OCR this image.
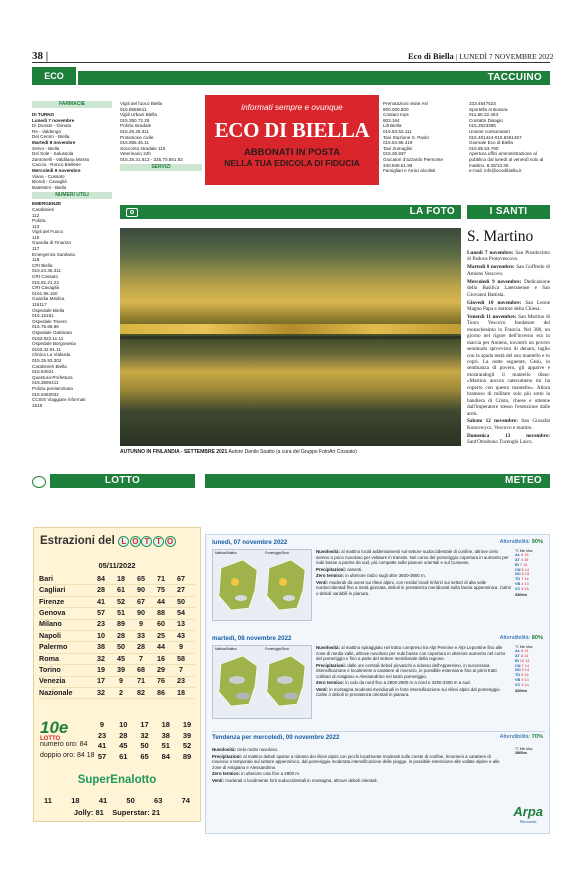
38 |	Eco di Biella | LUNEDÌ 7 NOVEMBRE 2022
ECO	TACCUINO
FARMACIE

DI TURNO

Lunedì 7 novembre

Di Donato - Donato

Re - Valdengo

Del Centro - Biella

Martedì 8 novembre

Servo - Biella

Del Sole - Salussola

Zantonelli - Valdilana Mosso

Caccia - Ronco Biellese

Mercoledì 9 novembre

Viana - Cossato

Biondi - Cavaglià

Balestrini - Biella

NUMERI UTILI

EMERGENZE

Carabinieri

112

Polizia

113

Vigili del Fuoco

115

Guardia di Finanza

117

Emergenza Sanitaria

118

CRI Biella

015.24.35.311

CRI Cossato

015.92.21.23

CRI Cavaglià

0161.96.160

Guardia Medica

116117

Ospedale Biella

015.15151

Ospedale Trivero

015.75.65.66

Ospedale Gattinara

0163.822.11.11

Ospedale Borgosesia

0163.42.61.11

Clinica La Vialarda

015.35.93.302

Carabinieri Biella

015.84021

Questura-Prefettura

015.3590411

Polizia penitenziaria

015.8492832

CCISS Viaggiare informati

1518

Vigili del fuoco Biella

015.8555611

Vigili Urbani Biella

015.350.72.28

Polizia stradale

015.25.28.311

Protezione civile

015.855.45.11

Soccorso stradale 116

Veterinario 24h

015.25.31.613 - 335.70.851.82

SERVIZI
informati sempre e ovunque
ECO DI BIELLA
ABBONATI IN POSTA
NELLA TUA EDICOLA DI FIDUCIA

Prenotazioni visite Asl

800.000.500

Contact Inps

803.164

Lilt Biella

015.83.52.111

Taxi Stazione S. Paolo

015.84.95.419

Taxi Zumaglini

015.26.937

Giocatori d'azzardo Piemonte

340.849.51.96

Famigliari e Amici alcolisti

333.4547523

Sportello Antiusura

011.66.22.453

Contatto Disagio

015.2523395

Unione consumatori

015.401444-015.8461457

Giornale Eco di Biella

015.85.53.790

Apertura uffici amministrazione al pubblico dal lunedì al venerdì solo al mattino. 8.30/13.30.

e-mail: info@ecodibiella.it

LA FOTO
AUTUNNO IN FINLANDIA - SETTEMBRE 2021 Autore Danilo Soatto (a cura del Gruppo FotoArt Cossato)
I SANTI
S. Martino

Lunedì 7 novembre: San Prosdocimo di Padova Protovescovo.

Martedì 8 novembre: San Goffredo di Amiens Vescovo.

Mercoledì 9 novembre: Dedicazione della Basilica Lateranense e San Giovanni Battista.

Giovedì 10 novembre: San Leone Magno Papa e dottore della Chiesa.

Venerdì 11 novembre: San Martino di Tours Vescovo fondatore del monachesimo in Francia. Nel 300, un giorno nel rigore dell'inverno era in marcia per Amiens, incontrò un povero seminudo sprovvisto di denaro, taglio con la spada metà del suo mantello e lo coprì. La notte seguente, Gesù, in sembianza di povero, gli apparve e mostrandogli il mantello disse: «Martino ancora catecumeno mi ha coperto con questo mantello». Allora bramoso di militare solo più sotto la bandiera di Cristo, chiese e ottenne dall'imperatore stesso l'esenzione dalle armi.

Sabato 12 novembre: San Giosafat Kuncewycz, Vescovo e martire.

Domenica 13 novembre: Sant'Omobono Tucenghi Laico.

LOTTO
Estrazioni del L O T T O
05/11/2022
Bari	84	18	65	71	67
Cagliari	28	61	90	75	27
Firenze	41	52	67	44	50
Genova	57	51	90	88	54
Milano	23	89	9	60	13
Napoli	10	28	33	25	43
Palermo	38	50	28	44	9
Roma	32	45	7	16	58
Torino	19	39	68	29	7
Venezia	17	9	71	76	23
Nazionale	32	2	82	86	18
10e
LOTTO
9	10	17	18	19
23	28	32	38	39
41	45	50	51	52
57	61	65	84	89
numero oro: 84
doppio oro: 84 18
SuperEnalotto
11	18	41	50	63	74
Jolly: 81 Superstar: 21
METEO
lunedì, 07 novembre 2022	Attendibilità: 90%
Mattina/Mattino	Pomeriggio/Sera	Nuvolosità: al mattino locali addensamenti sul settore sudoccidentale di confine, altrove cielo sereno o poco nuvoloso per velature in transito. Nel corso del pomeriggio copertura in aumento per nubi basse a partire da sud, più compatte sulle pianure orientali e sul Cuneese.

Precipitazioni: assenti.

Zero termico: in ulteriore rialzo sugli oltre 3600-3900 m.

Venti: moderati da ovest sui rilievi alpini, con residui locali rinforzi sui settori di alta valle nordoccidentali fino a metà giornata, deboli in prevalenza meridionali sulla fascia appenninica. Calmi o deboli variabili in pianura.

°C Min Max
AL 6 15
AT 4 15
BI 7 14
CN 5 14
NO 5 15
TO 7 14
VB 4 13
VC 5 15
3300m
martedì, 08 novembre 2022	Attendibilità: 80%
Mattina/Mattino	Pomeriggio/Sera	Nuvolosità: al mattino spiraggiato nel tratto compreso tra Alpi Pennine e Alpi Lepontine fino alle zone di media valle, altrove nuvoloso per nubi basse con copertura in ulteriore aumento nel corso del pomeriggio e fino a parte del settore meridionale della regione.

Precipitazioni: dalle ore centrali deboli piovaschi a ridosso dell'Appennino, in successiva intensificazione e localmente a carattere di rovescio, in possibile estensione fino ai primi tratti collinari di Astigiano e Alessandrino nel tardo pomeriggio.

Zero termico: in calo da nord fino a 2800-2900 m a nord e 3200-3300 m a sud.

Venti: in montagna moderati meridionali in forte intensificazione sui rilievi alpini dal pomeriggio. Calmi o deboli in prevalenza orientali in pianura.

°C Min Max
AL 8 14
AT 8 14
BI 10 13
CN 7 14
NO 9 14
TO 8 14
VB 9 13
VC 9 14
3200m
Tendenza per mercoledì, 09 novembre 2022	Attendibilità: 70%

Nuvolosità: cielo molto nuvoloso.

Precipitazioni: al mattino deboli sparse a ridosso dei rilievi alpini con picchi localmente moderati sulle creste di confine, fenomeni a carattere di rovescio o temporale sul settore appenninico, dal pomeriggio moderata intensificazione delle piogge, in possibile estensione alle vallate alpine e alle zone di Astigiano e Alessandrino.

Zero termico: in ulteriore calo fino a 2800 m.

Venti: moderati o localmente forti sudoccidentali in montagna, altrove deboli orientali.

°C Min Max
2800m
Arpa
Piemonte
